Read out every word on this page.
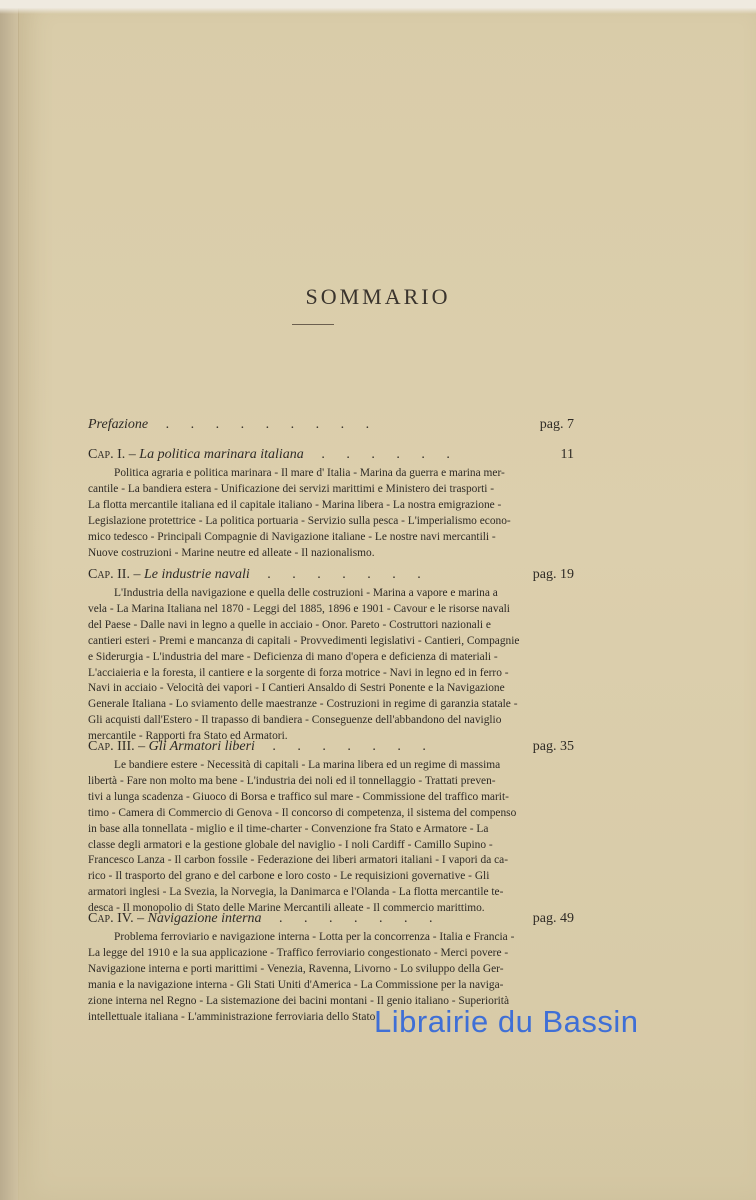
SOMMARIO
Prefazione . . . . . . . . .	pag. 7
Cap. I. – La politica marinara italiana . . . . . .	11

Politica agraria e politica marinara - Il mare d' Italia - Marina da guerra e marina mer-

cantile - La bandiera estera - Unificazione dei servizi marittimi e Ministero dei trasporti -

La flotta mercantile italiana ed il capitale italiano - Marina libera - La nostra emigrazione -

Legislazione protettrice - La politica portuaria - Servizio sulla pesca - L'imperialismo econo-

mico tedesco - Principali Compagnie di Navigazione italiane - Le nostre navi mercantili -

Nuove costruzioni - Marine neutre ed alleate - Il nazionalismo.

Cap. II. – Le industrie navali . . . . . . .	pag. 19

L'Industria della navigazione e quella delle costruzioni - Marina a vapore e marina a

vela - La Marina Italiana nel 1870 - Leggi del 1885, 1896 e 1901 - Cavour e le risorse navali

del Paese - Dalle navi in legno a quelle in acciaio - Onor. Pareto - Costruttori nazionali e

cantieri esteri - Premi e mancanza di capitali - Provvedimenti legislativi - Cantieri, Compagnie

e Siderurgia - L'industria del mare - Deficienza di mano d'opera e deficienza di materiali -

L'acciaieria e la foresta, il cantiere e la sorgente di forza motrice - Navi in legno ed in ferro -

Navi in acciaio - Velocità dei vapori - I Cantieri Ansaldo di Sestri Ponente e la Navigazione

Generale Italiana - Lo sviamento delle maestranze - Costruzioni in regime di garanzia statale -

Gli acquisti dall'Estero - Il trapasso di bandiera - Conseguenze dell'abbandono del naviglio

mercantile - Rapporti fra Stato ed Armatori.

Cap. III. – Gli Armatori liberi . . . . . . .	pag. 35

Le bandiere estere - Necessità di capitali - La marina libera ed un regime di massima

libertà - Fare non molto ma bene - L'industria dei noli ed il tonnellaggio - Trattati preven-

tivi a lunga scadenza - Giuoco di Borsa e traffico sul mare - Commissione del traffico marit-

timo - Camera di Commercio di Genova - Il concorso di competenza, il sistema del compenso

in base alla tonnellata - miglio e il time-charter - Convenzione fra Stato e Armatore - La

classe degli armatori e la gestione globale del naviglio - I noli Cardiff - Camillo Supino -

Francesco Lanza - Il carbon fossile - Federazione dei liberi armatori italiani - I vapori da ca-

rico - Il trasporto del grano e del carbone e loro costo - Le requisizioni governative - Gli

armatori inglesi - La Svezia, la Norvegia, la Danimarca e l'Olanda - La flotta mercantile te-

desca - Il monopolio di Stato delle Marine Mercantili alleate - Il commercio marittimo.

Cap. IV. – Navigazione interna . . . . . . .	pag. 49

Problema ferroviario e navigazione interna - Lotta per la concorrenza - Italia e Francia -

La legge del 1910 e la sua applicazione - Traffico ferroviario congestionato - Merci povere -

Navigazione interna e porti marittimi - Venezia, Ravenna, Livorno - Lo sviluppo della Ger-

mania e la navigazione interna - Gli Stati Uniti d'America - La Commissione per la naviga-

zione interna nel Regno - La sistemazione dei bacini montani - Il genio italiano - Superiorità

intellettuale italiana - L'amministrazione ferroviaria dello Stato

Librairie du Bassin
